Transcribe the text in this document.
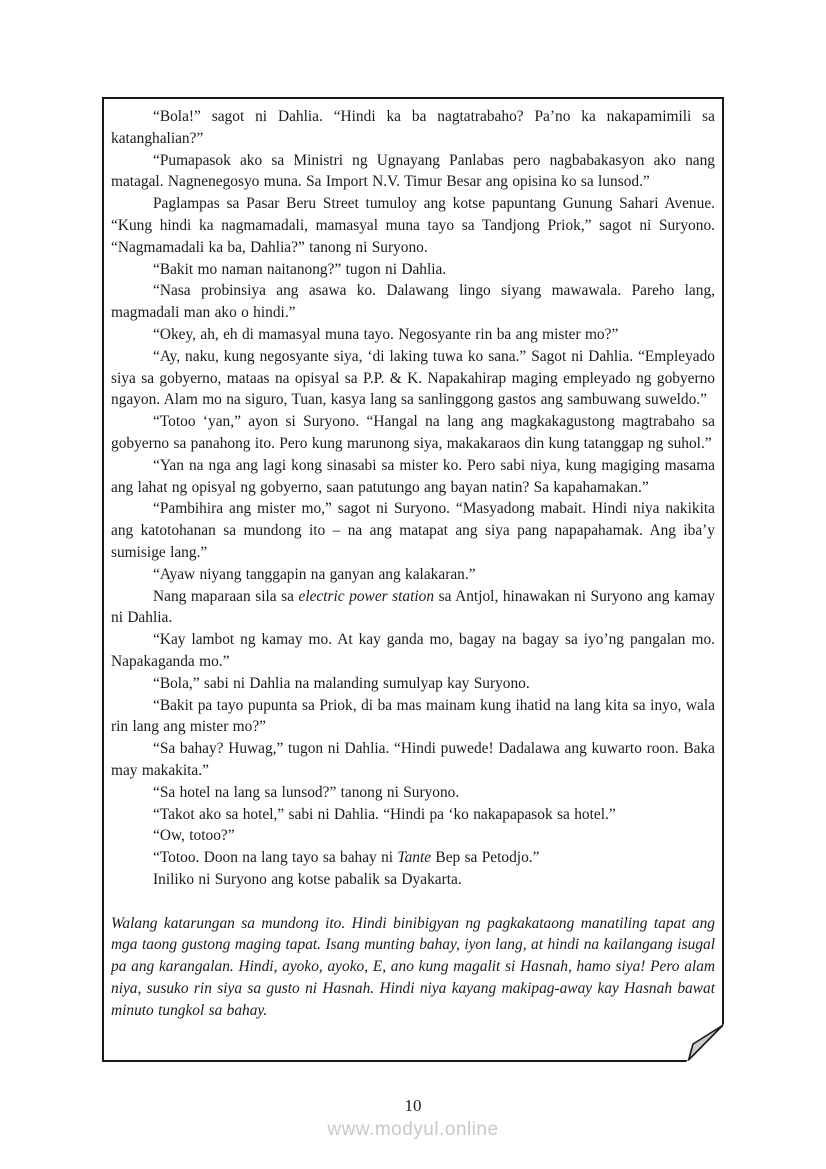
“Bola!” sagot ni Dahlia. “Hindi ka ba nagtatrabaho? Pa’no ka nakapamimili sa katanghalian?”

“Pumapasok ako sa Ministri ng Ugnayang Panlabas pero nagbabakasyon ako nang matagal. Nagnenegosyo muna. Sa Import N.V. Timur Besar ang opisina ko sa lunsod.”

Paglampas sa Pasar Beru Street tumuloy ang kotse papuntang Gunung Sahari Avenue. “Kung hindi ka nagmamadali, mamasyal muna tayo sa Tandjong Priok,” sagot ni Suryono. “Nagmamadali ka ba, Dahlia?” tanong ni Suryono.

“Bakit mo naman naitanong?” tugon ni Dahlia.

“Nasa probinsiya ang asawa ko. Dalawang lingo siyang mawawala. Pareho lang, magmadali man ako o hindi.”

“Okey, ah, eh di mamasyal muna tayo. Negosyante rin ba ang mister mo?”

“Ay, naku, kung negosyante siya, ‘di laking tuwa ko sana.” Sagot ni Dahlia. “Empleyado siya sa gobyerno, mataas na opisyal sa P.P. & K. Napakahirap maging empleyado ng gobyerno ngayon. Alam mo na siguro, Tuan, kasya lang sa sanlinggong gastos ang sambuwang suweldo.”

“Totoo ‘yan,” ayon si Suryono. “Hangal na lang ang magkakagustong magtrabaho sa gobyerno sa panahong ito. Pero kung marunong siya, makakaraos din kung tatanggap ng suhol.”

“Yan na nga ang lagi kong sinasabi sa mister ko. Pero sabi niya, kung magiging masama ang lahat ng opisyal ng gobyerno, saan patutungo ang bayan natin? Sa kapahamakan.”

“Pambihira ang mister mo,” sagot ni Suryono. “Masyadong mabait. Hindi niya nakikita ang katotohanan sa mundong ito – na ang matapat ang siya pang napapahamak. Ang iba’y sumisige lang.”

“Ayaw niyang tanggapin na ganyan ang kalakaran.”

Nang maparaan sila sa electric power station sa Antjol, hinawakan ni Suryono ang kamay ni Dahlia.

“Kay lambot ng kamay mo. At kay ganda mo, bagay na bagay sa iyo’ng pangalan mo. Napakaganda mo.”

“Bola,” sabi ni Dahlia na malanding sumulyap kay Suryono.

“Bakit pa tayo pupunta sa Priok, di ba mas mainam kung ihatid na lang kita sa inyo, wala rin lang ang mister mo?”

“Sa bahay? Huwag,” tugon ni Dahlia. “Hindi puwede! Dadalawa ang kuwarto roon. Baka may makakita.”

“Sa hotel na lang sa lunsod?” tanong ni Suryono.

“Takot ako sa hotel,” sabi ni Dahlia. “Hindi pa ‘ko nakapapasok sa hotel.”

“Ow, totoo?”

“Totoo. Doon na lang tayo sa bahay ni Tante Bep sa Petodjo.”

Iniliko ni Suryono ang kotse pabalik sa Dyakarta.

Walang katarungan sa mundong ito. Hindi binibigyan ng pagkakataong manatiling tapat ang mga taong gustong maging tapat. Isang munting bahay, iyon lang, at hindi na kailangang isugal pa ang karangalan. Hindi, ayoko, ayoko, E, ano kung magalit si Hasnah, hamo siya! Pero alam niya, susuko rin siya sa gusto ni Hasnah. Hindi niya kayang makipag-away kay Hasnah bawat minuto tungkol sa bahay.

10
www.modyul.online
